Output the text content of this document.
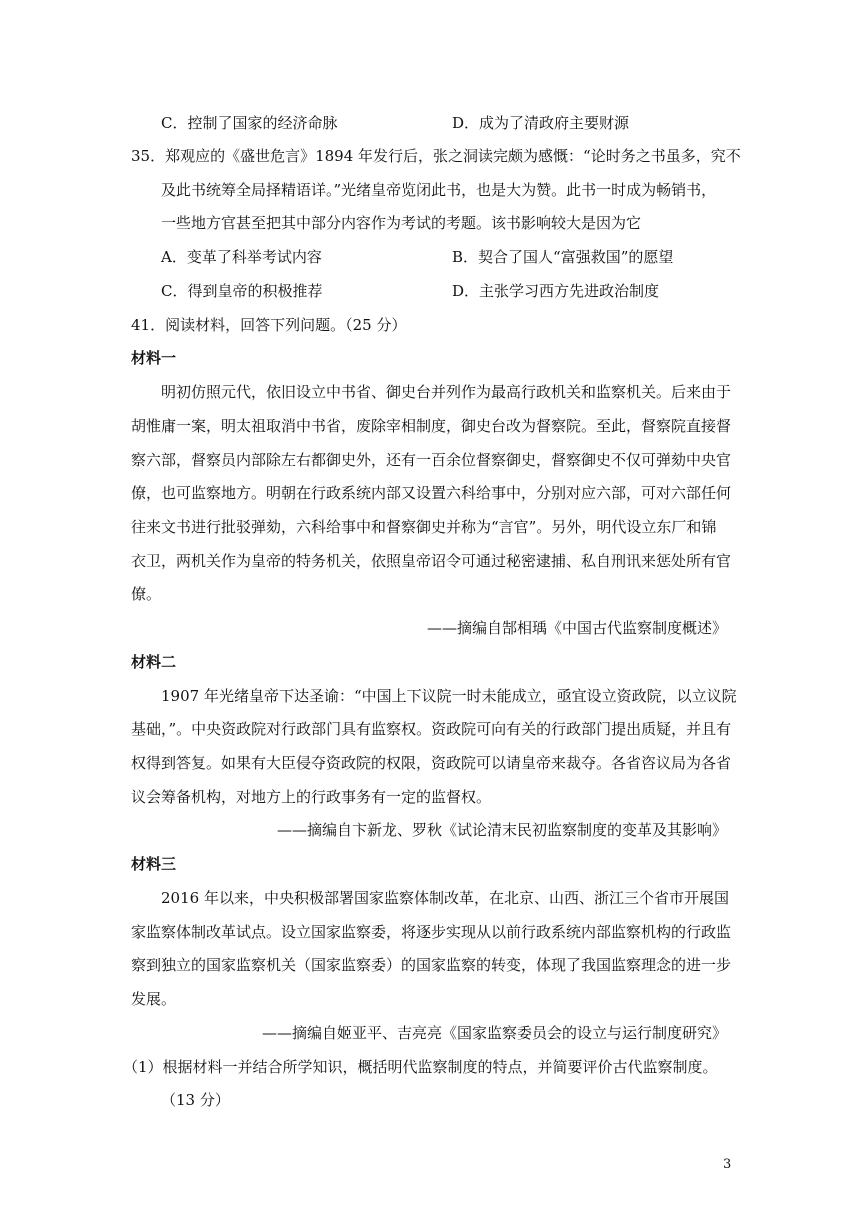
C．控制了国家的经济命脉	D．成为了清政府主要财源
35．郑观应的《盛世危言》1894 年发行后，张之洞读完颇为感慨：“论时务之书虽多，究不
及此书统筹全局择精语详。”光绪皇帝览闭此书，也是大为赞。此书一时成为畅销书，
一些地方官甚至把其中部分内容作为考试的考题。该书影响较大是因为它
A．变革了科举考试内容	B．契合了国人“富强救国”的愿望
C．得到皇帝的积极推荐	D．主张学习西方先进政治制度
41．阅读材料，回答下列问题。（25 分）
材料一
明初仿照元代，依旧设立中书省、御史台并列作为最高行政机关和监察机关。后来由于
胡惟庸一案，明太祖取消中书省，废除宰相制度，御史台改为督察院。至此，督察院直接督
察六部，督察员内部除左右都御史外，还有一百余位督察御史，督察御史不仅可弹劾中央官
僚，也可监察地方。明朝在行政系统内部又设置六科给事中，分别对应六部，可对六部任何
往来文书进行批驳弹劾，六科给事中和督察御史并称为“言官”。另外，明代设立东厂和锦
衣卫，两机关作为皇帝的特务机关，依照皇帝诏令可通过秘密逮捕、私自刑讯来惩处所有官
僚。
——摘编自郜相瑀《中国古代监察制度概述》
材料二
1907 年光绪皇帝下达圣谕：“中国上下议院一时未能成立，亟宜设立资政院，以立议院
基础，”。中央资政院对行政部门具有监察权。资政院可向有关的行政部门提出质疑，并且有
权得到答复。如果有大臣侵夺资政院的权限，资政院可以请皇帝来裁夺。各省咨议局为各省
议会筹备机构，对地方上的行政事务有一定的监督权。
——摘编自卞新龙、罗秋《试论清末民初监察制度的变革及其影响》
材料三
2016 年以来，中央积极部署国家监察体制改革，在北京、山西、浙江三个省市开展国
家监察体制改革试点。设立国家监察委，将逐步实现从以前行政系统内部监察机构的行政监
察到独立的国家监察机关（国家监察委）的国家监察的转变，体现了我国监察理念的进一步
发展。
——摘编自姬亚平、吉亮亮《国家监察委员会的设立与运行制度研究》
（1）根据材料一并结合所学知识，概括明代监察制度的特点，并简要评价古代监察制度。
（13 分）
3
